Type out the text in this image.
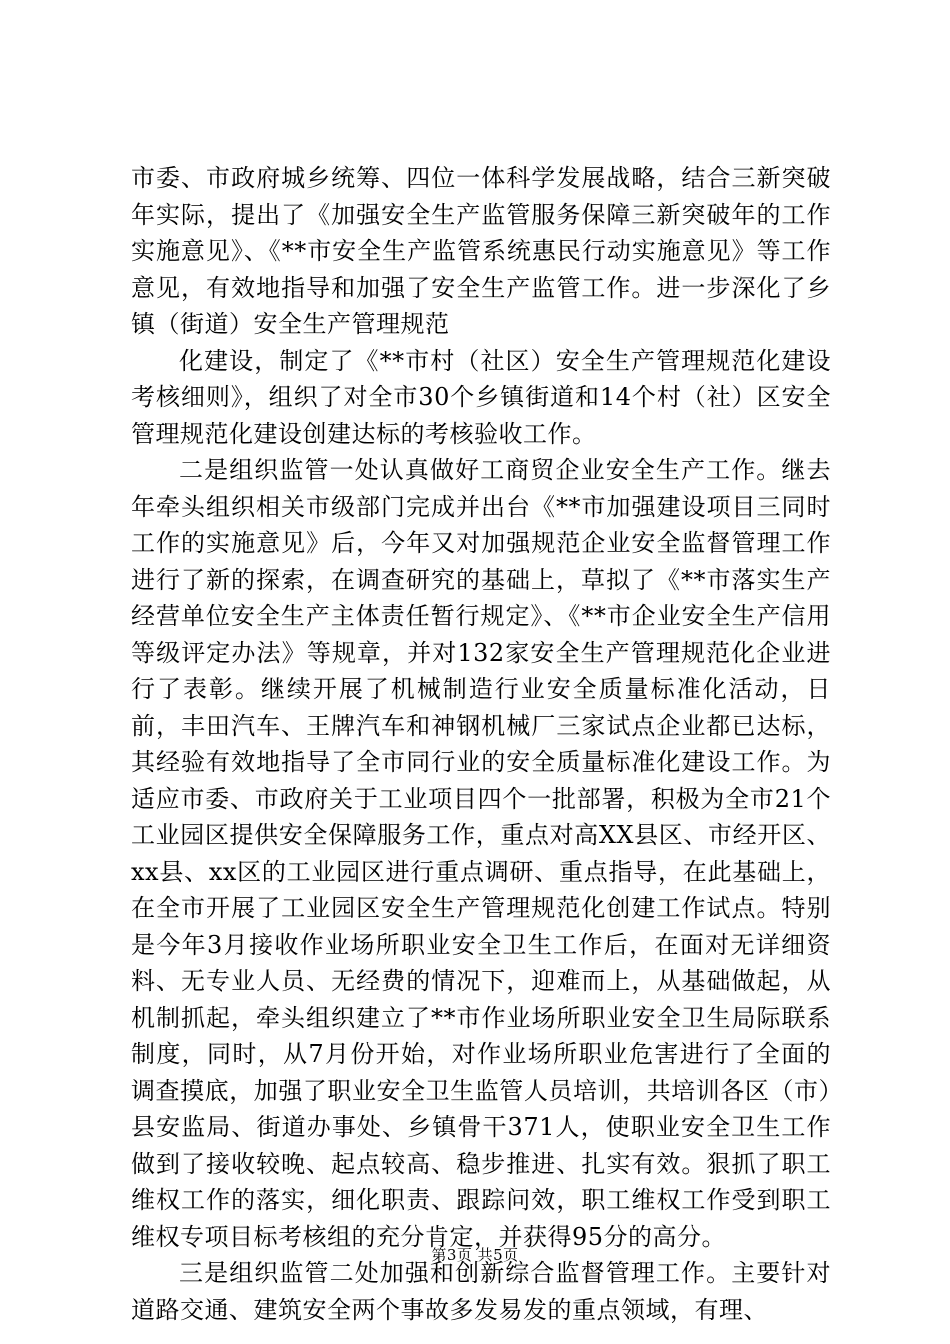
市委、市政府城乡统筹、四位一体科学发展战略，结合三新突破年实际，提出了《加强安全生产监管服务保障三新突破年的工作实施意见》、《**市安全生产监管系统惠民行动实施意见》等工作意见，有效地指导和加强了安全生产监管工作。进一步深化了乡镇（街道）安全生产管理规范

化建设，制定了《**市村（社区）安全生产管理规范化建设考核细则》，组织了对全市30个乡镇街道和14个村（社）区安全管理规范化建设创建达标的考核验收工作。

二是组织监管一处认真做好工商贸企业安全生产工作。继去年牵头组织相关市级部门完成并出台《**市加强建设项目三同时工作的实施意见》后，今年又对加强规范企业安全监督管理工作进行了新的探索，在调查研究的基础上，草拟了《**市落实生产经营单位安全生产主体责任暂行规定》、《**市企业安全生产信用等级评定办法》等规章，并对132家安全生产管理规范化企业进行了表彰。继续开展了机械制造行业安全质量标准化活动，日前，丰田汽车、王牌汽车和神钢机械厂三家试点企业都已达标，其经验有效地指导了全市同行业的安全质量标准化建设工作。为适应市委、市政府关于工业项目四个一批部署，积极为全市21个工业园区提供安全保障服务工作，重点对高XX县区、市经开区、xx县、xx区的工业园区进行重点调研、重点指导，在此基础上，在全市开展了工业园区安全生产管理规范化创建工作试点。特别是今年3月接收作业场所职业安全卫生工作后，在面对无详细资料、无专业人员、无经费的情况下，迎难而上，从基础做起，从机制抓起，牵头组织建立了**市作业场所职业安全卫生局际联系制度，同时，从7月份开始，对作业场所职业危害进行了全面的调查摸底，加强了职业安全卫生监管人员培训，共培训各区（市）县安监局、街道办事处、乡镇骨干371人，使职业安全卫生工作做到了接收较晚、起点较高、稳步推进、扎实有效。狠抓了职工维权工作的落实，细化职责、跟踪问效，职工维权工作受到职工维权专项目标考核组的充分肯定，并获得95分的高分。

三是组织监管二处加强和创新综合监督管理工作。主要针对道路交通、建筑安全两个事故多发易发的重点领域，有理、

第3页 共5页
